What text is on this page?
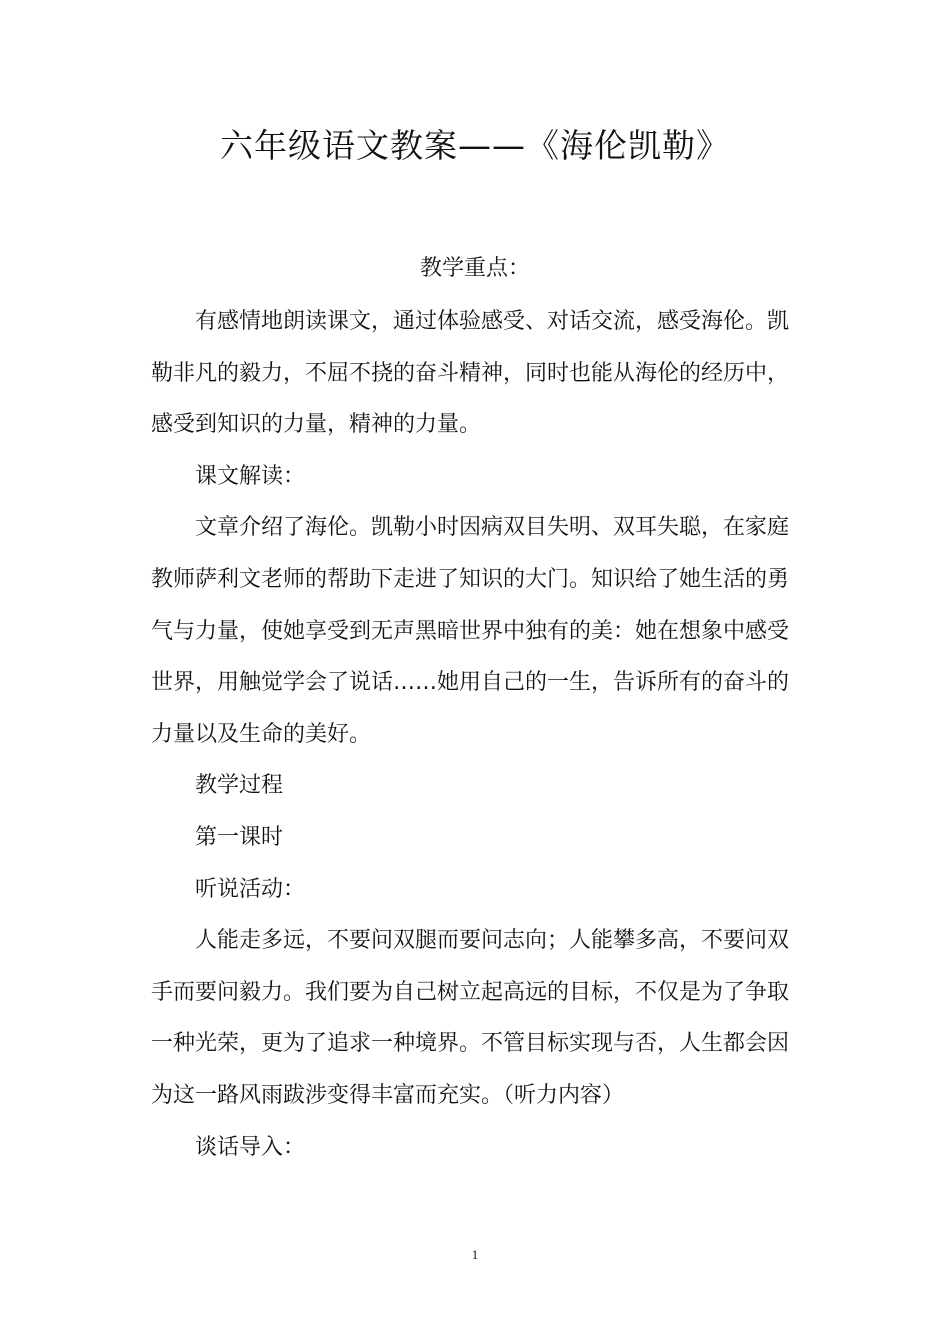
六年级语文教案——《海伦凯勒》
教学重点：

有感情地朗读课文，通过体验感受、对话交流，感受海伦。凯勒非凡的毅力，不屈不挠的奋斗精神，同时也能从海伦的经历中，感受到知识的力量，精神的力量。

课文解读：

文章介绍了海伦。凯勒小时因病双目失明、双耳失聪，在家庭教师萨利文老师的帮助下走进了知识的大门。知识给了她生活的勇气与力量，使她享受到无声黑暗世界中独有的美：她在想象中感受世界，用触觉学会了说话……她用自己的一生，告诉所有的奋斗的力量以及生命的美好。

教学过程

第一课时

听说活动：

人能走多远，不要问双腿而要问志向；人能攀多高，不要问双手而要问毅力。我们要为自己树立起高远的目标，不仅是为了争取一种光荣，更为了追求一种境界。不管目标实现与否，人生都会因为这一路风雨跋涉变得丰富而充实。（听力内容）

谈话导入：

1
